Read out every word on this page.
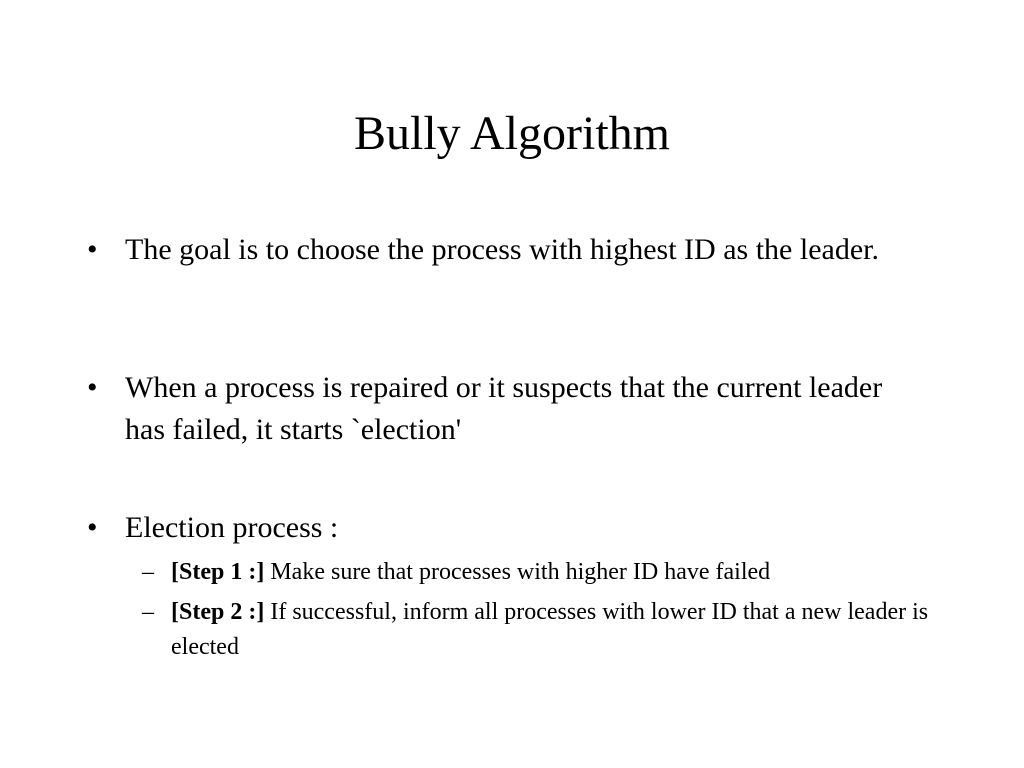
Bully Algorithm
• The goal is to choose the process with highest ID as the leader.
• When a process is repaired or it suspects that the current leader has failed, it starts `election'
• Election process :
– [Step 1 :] Make sure that processes with higher ID have failed
– [Step 2 :] If successful, inform all processes with lower ID that a new leader is elected
